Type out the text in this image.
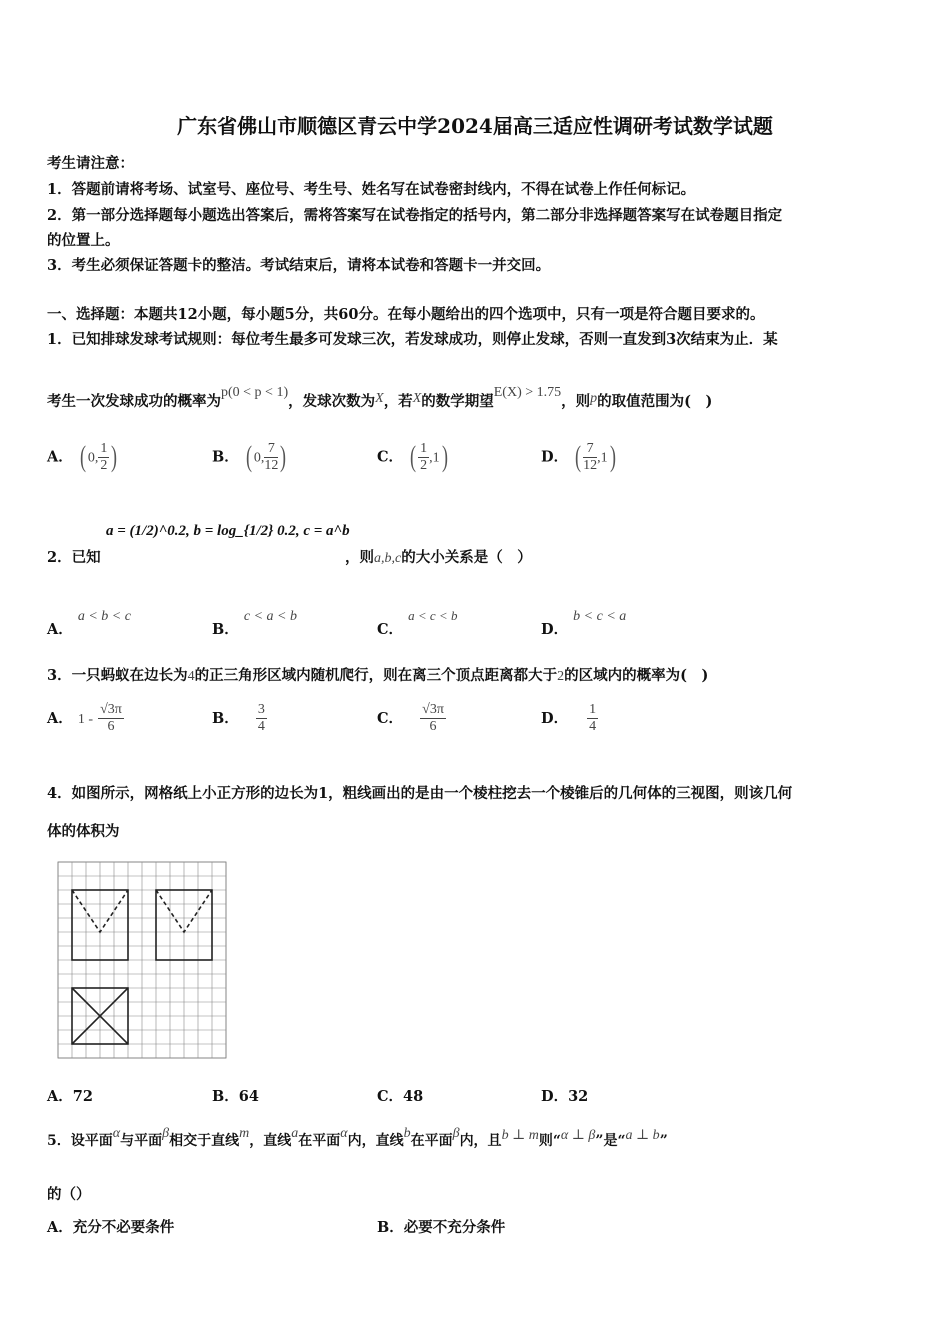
广东省佛山市顺德区青云中学2024届高三适应性调研考试数学试题
考生请注意：
1．答题前请将考场、试室号、座位号、考生号、姓名写在试卷密封线内，不得在试卷上作任何标记。
2．第一部分选择题每小题选出答案后，需将答案写在试卷指定的括号内，第二部分非选择题答案写在试卷题目指定
的位置上。
3．考生必须保证答题卡的整洁。考试结束后，请将本试卷和答题卡一并交回。
一、选择题：本题共12小题，每小题5分，共60分。在每小题给出的四个选项中，只有一项是符合题目要求的。
1．已知排球发球考试规则：每位考生最多可发球三次，若发球成功，则停止发球，否则一直发到3次结束为止．某
考生一次发球成功的概率为p(0 < p < 1)，发球次数为X，若X的数学期望E(X) > 1.75，则p的取值范围为(　)
A． ( 0, $\frac{1}{2}$ )	B． ( 0, $\frac{7}{12}$ )	C． ( $\frac{1}{2} ,1$)	D． ( $\frac{7}{12} ,1$)
2．已知
a = (1/2)^0.2, b = log_{1/2} 0.2, c = a^b
，则a,b,c的大小关系是（　）
A． a < b < c
B． c < a < b
C． a < c < b
D． b < c < a
3．一只蚂蚁在边长为4的正三角形区域内随机爬行，则在离三个顶点距离都大于2的区域内的概率为(　)
A． $1 - \frac{√3\pi}{6}$	B． $\frac{3}{4}$	C． $\frac{√3\pi}{6}$	D． $\frac{1}{4}$
4．如图所示，网格纸上小正方形的边长为1，粗线画出的是由一个棱柱挖去一个棱锥后的几何体的三视图，则该几何
体的体积为
A．72	B．64	C．48	D．32
5．设平面α与平面β相交于直线m，直线a在平面α内，直线b在平面β内，且b ⊥ m则“α ⊥ β”是“a ⊥ b”
的（）
A．充分不必要条件	B．必要不充分条件
